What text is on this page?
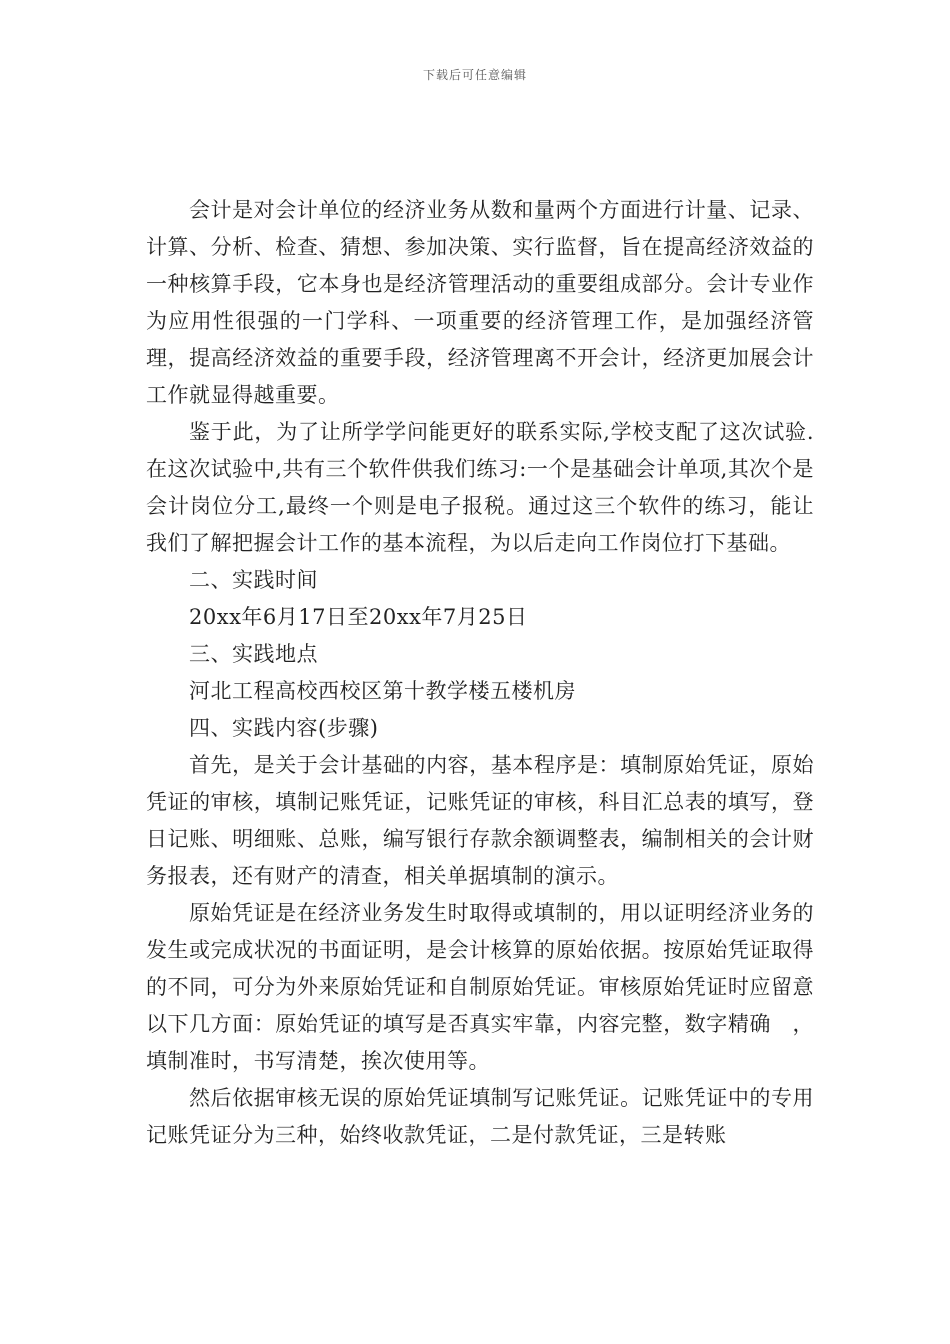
下载后可任意编辑

会计是对会计单位的经济业务从数和量两个方面进行计量、记录、计算、分析、检查、猜想、参加决策、实行监督，旨在提高经济效益的一种核算手段，它本身也是经济管理活动的重要组成部分。会计专业作为应用性很强的一门学科、一项重要的经济管理工作，是加强经济管理，提高经济效益的重要手段，经济管理离不开会计，经济更加展会计工作就显得越重要。

鉴于此，为了让所学学问能更好的联系实际,学校支配了这次试验.在这次试验中,共有三个软件供我们练习:一个是基础会计单项,其次个是会计岗位分工,最终一个则是电子报税。通过这三个软件的练习，能让我们了解把握会计工作的基本流程，为以后走向工作岗位打下基础。

二、实践时间

20xx年6月17日至20xx年7月25日

三、实践地点

河北工程高校西校区第十教学楼五楼机房

四、实践内容(步骤)

首先，是关于会计基础的内容，基本程序是：填制原始凭证，原始凭证的审核，填制记账凭证，记账凭证的审核，科目汇总表的填写，登日记账、明细账、总账，编写银行存款余额调整表，编制相关的会计财务报表，还有财产的清查，相关单据填制的演示。

原始凭证是在经济业务发生时取得或填制的，用以证明经济业务的发生或完成状况的书面证明，是会计核算的原始依据。按原始凭证取得的不同，可分为外来原始凭证和自制原始凭证。审核原始凭证时应留意以下几方面：原始凭证的填写是否真实牢靠，内容完整，数字精确　，填制准时，书写清楚，挨次使用等。

然后依据审核无误的原始凭证填制写记账凭证。记账凭证中的专用记账凭证分为三种，始终收款凭证，二是付款凭证，三是转账
